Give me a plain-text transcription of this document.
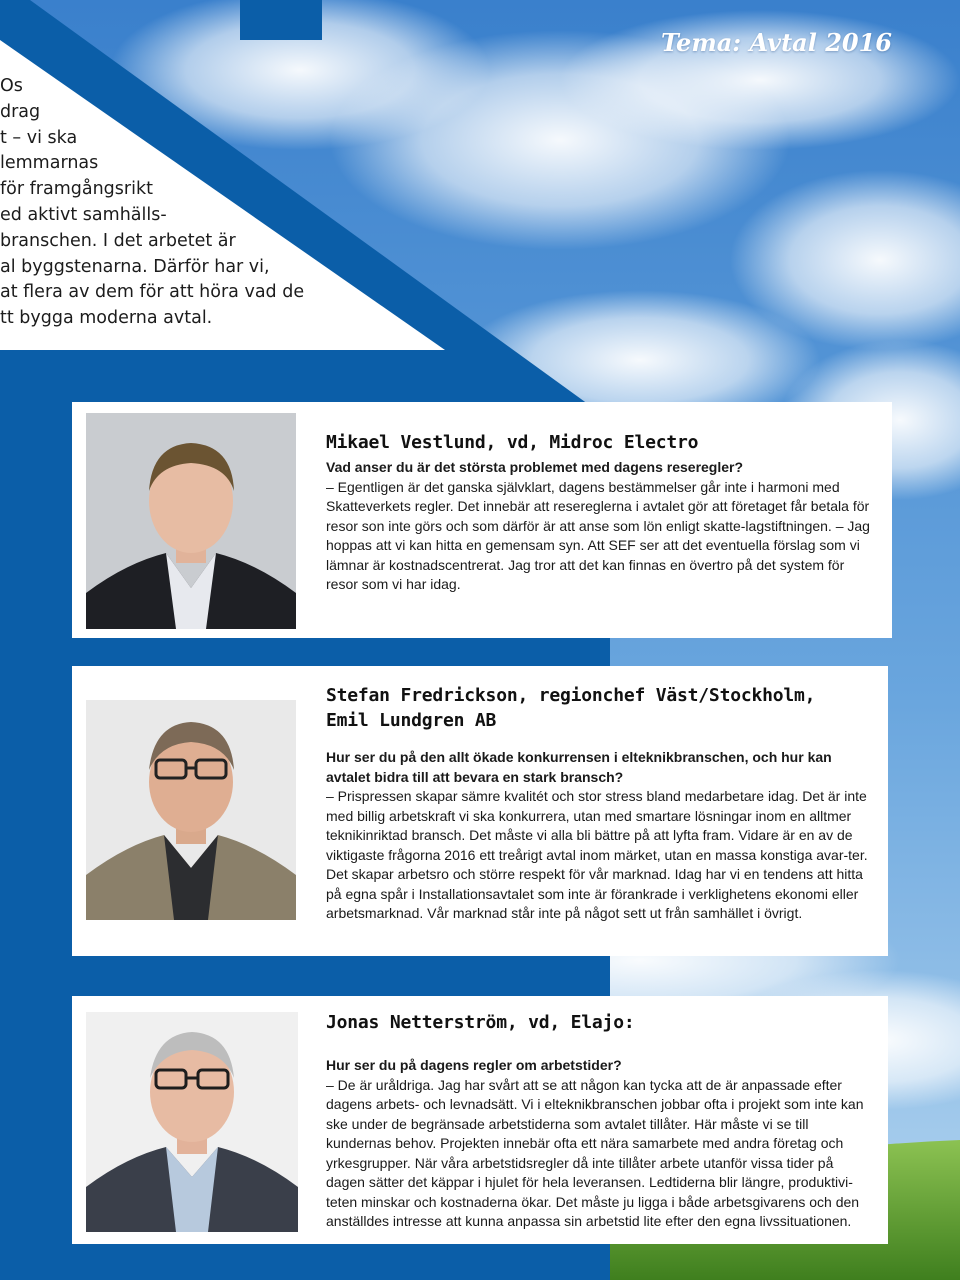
Tema: Avtal 2016
Os
drag
t – vi ska
lemmarnas
för framgångsrikt
ed aktivt samhälls-
branschen. I det arbetet är
al byggstenarna. Därför har vi,
at flera av dem för att höra vad de
tt bygga moderna avtal.
Mikael Vestlund, vd, Midroc Electro
Vad anser du är det största problemet med dagens reseregler?
– Egentligen är det ganska självklart, dagens bestämmelser går inte i harmoni med Skatteverkets regler. Det innebär att resereglerna i avtalet gör att företaget får betala för resor son inte görs och som därför är att anse som lön enligt skatte-lagstiftningen. – Jag hoppas att vi kan hitta en gemensam syn. Att SEF ser att det eventuella förslag som vi lämnar är kostnadscentrerat. Jag tror att det kan finnas en övertro på det system för resor som vi har idag.
Stefan Fredrickson, regionchef Väst/Stockholm,
Emil Lundgren AB
Hur ser du på den allt ökade konkurrensen i elteknikbranschen, och hur kan avtalet bidra till att bevara en stark bransch?
– Prispressen skapar sämre kvalitét och stor stress bland medarbetare idag. Det är inte med billig arbetskraft vi ska konkurrera, utan med smartare lösningar inom en alltmer teknikinriktad bransch. Det måste vi alla bli bättre på att lyfta fram. Vidare är en av de viktigaste frågorna 2016 ett treårigt avtal inom märket, utan en massa konstiga avar-ter. Det skapar arbetsro och större respekt för vår marknad. Idag har vi en tendens att hitta på egna spår i Installationsavtalet som inte är förankrade i verklighetens ekonomi eller arbetsmarknad. Vår marknad står inte på något sett ut från samhället i övrigt.
Jonas Netterström, vd, Elajo:
Hur ser du på dagens regler om arbetstider?
– De är uråldriga. Jag har svårt att se att någon kan tycka att de är anpassade efter dagens arbets- och levnadsätt. Vi i elteknikbranschen jobbar ofta i projekt som inte kan ske under de begränsade arbetstiderna som avtalet tillåter. Här måste vi se till kundernas behov. Projekten innebär ofta ett nära samarbete med andra företag och yrkesgrupper. När våra arbetstidsregler då inte tillåter arbete utanför vissa tider på dagen sätter det käppar i hjulet för hela leveransen. Ledtiderna blir längre, produktivi-teten minskar och kostnaderna ökar. Det måste ju ligga i både arbetsgivarens och den anställdes intresse att kunna anpassa sin arbetstid lite efter den egna livssituationen.
